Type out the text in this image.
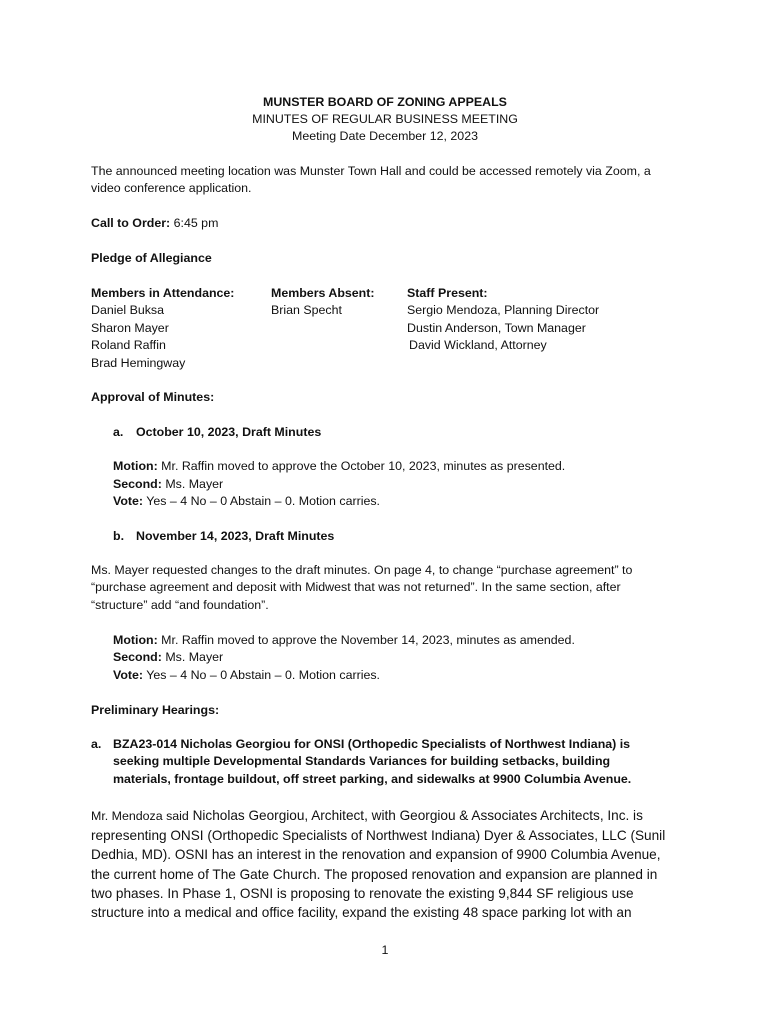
MUNSTER BOARD OF ZONING APPEALS
MINUTES OF REGULAR BUSINESS MEETING
Meeting Date December 12, 2023
The announced meeting location was Munster Town Hall and could be accessed remotely via Zoom, a video conference application.
Call to Order: 6:45 pm
Pledge of Allegiance
Members in Attendance:
Daniel Buksa
Sharon Mayer
Roland Raffin
Brad Hemingway
Members Absent:
Brian Specht
Staff Present:
Sergio Mendoza, Planning Director
Dustin Anderson, Town Manager
David Wickland, Attorney
Approval of Minutes:
a. October 10, 2023, Draft Minutes
Motion: Mr. Raffin moved to approve the October 10, 2023, minutes as presented.
Second: Ms. Mayer
Vote: Yes – 4 No – 0 Abstain – 0. Motion carries.
b. November 14, 2023, Draft Minutes
Ms. Mayer requested changes to the draft minutes. On page 4, to change “purchase agreement” to “purchase agreement and deposit with Midwest that was not returned”. In the same section, after “structure” add “and foundation”.
Motion: Mr. Raffin moved to approve the November 14, 2023, minutes as amended.
Second: Ms. Mayer
Vote: Yes – 4 No – 0 Abstain – 0. Motion carries.
Preliminary Hearings:
a. BZA23-014 Nicholas Georgiou for ONSI (Orthopedic Specialists of Northwest Indiana) is seeking multiple Developmental Standards Variances for building setbacks, building materials, frontage buildout, off street parking, and sidewalks at 9900 Columbia Avenue.
Mr. Mendoza said Nicholas Georgiou, Architect, with Georgiou & Associates Architects, Inc. is representing ONSI (Orthopedic Specialists of Northwest Indiana) Dyer & Associates, LLC (Sunil Dedhia, MD). OSNI has an interest in the renovation and expansion of 9900 Columbia Avenue, the current home of The Gate Church. The proposed renovation and expansion are planned in two phases. In Phase 1, OSNI is proposing to renovate the existing 9,844 SF religious use structure into a medical and office facility, expand the existing 48 space parking lot with an
1
